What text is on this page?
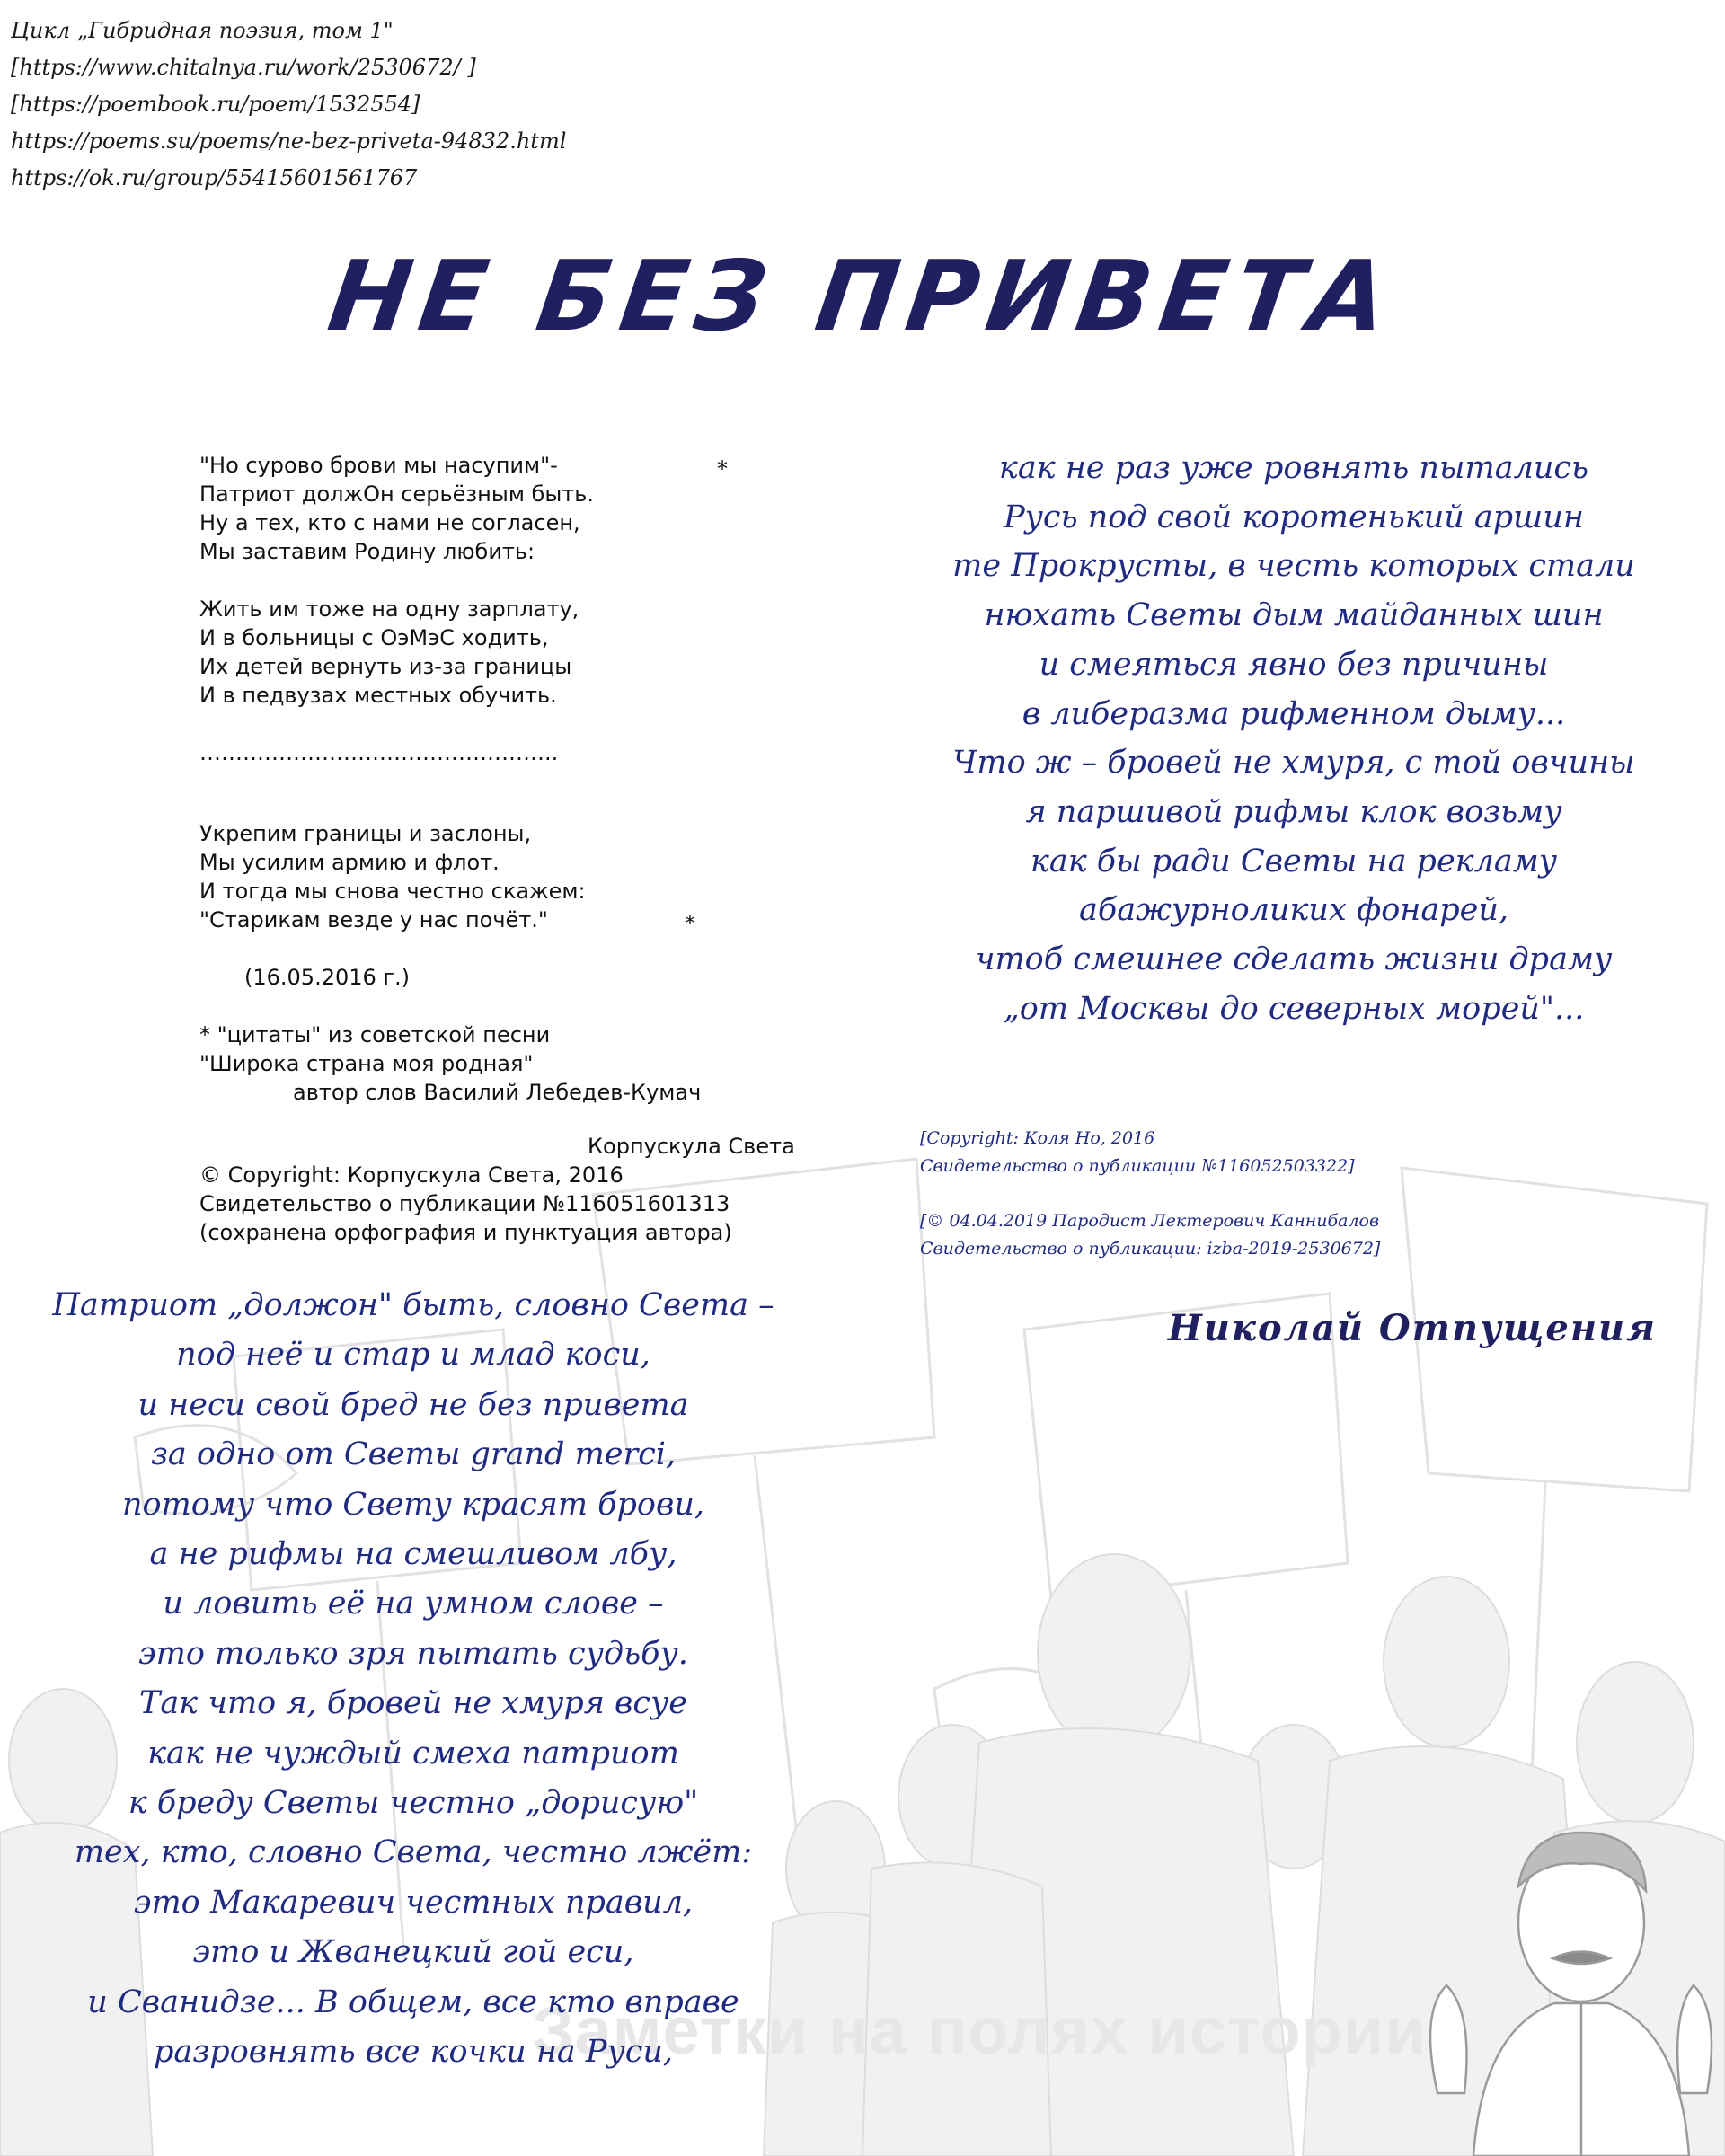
Заметки на полях истории
Цикл „Гибридная поэзия, том 1"
[https://www.chitalnya.ru/work/2530672/ ]
[https://poembook.ru/poem/1532554]
https://poems.su/poems/ne-bez-priveta-94832.html
https://ok.ru/group/55415601561767
НЕ БЕЗ ПРИВЕТА
"Но сурово брови мы насупим"-
Патриот должОн серьёзным быть.
Ну а тех, кто с нами не согласен,
Мы заставим Родину любить:
*
Жить им тоже на одну зарплату,
И в больницы с ОэМэС ходить,
Их детей вернуть из-за границы
И в педвузах местных обучить.
…………………………………………..
Укрепим границы и заслоны,
Мы усилим армию и флот.
И тогда мы снова честно скажем:
"Старикам везде у нас почёт."	*
(16.05.2016 г.)
* "цитаты" из советской песни
"Широка страна моя родная"
автор слов Василий Лебедев-Кумач
Корпускула Света
© Copyright: Корпускула Света, 2016
Свидетельство о публикации №116051601313
(сохранена орфография и пунктуация автора)
как не раз уже ровнять пытались
Русь под свой коротенький аршин
те Прокрусты, в честь которых стали
нюхать Светы дым майданных шин
и смеяться явно без причины
в либеразма рифменном дыму...
Что ж – бровей не хмуря, с той овчины
я паршивой рифмы клок возьму
как бы ради Светы на рекламу
абажурноликих фонарей,
чтоб смешнее сделать жизни драму
„от Москвы до северных морей"...
[Copyright: Коля Но, 2016
Свидетельство о публикации №116052503322]
[© 04.04.2019 Пародист Лектерович Каннибалов
Свидетельство о публикации: izba-2019-2530672]
Николай Отпущения
Патриот „должон" быть, словно Света –
под неё и стар и млад коси,
и неси свой бред не без привета
за одно от Светы grand merci,
потому что Свету красят брови,
а не рифмы на смешливом лбу,
и ловить её на умном слове –
это только зря пытать судьбу.
Так что я, бровей не хмуря всуе
как не чуждый смеха патриот
к бреду Светы честно „дорисую"
тех, кто, словно Света, честно лжёт:
это Макаревич честных правил,
это и Жванецкий гой еси,
и Сванидзе... В общем, все кто вправе
разровнять все кочки на Руси,
